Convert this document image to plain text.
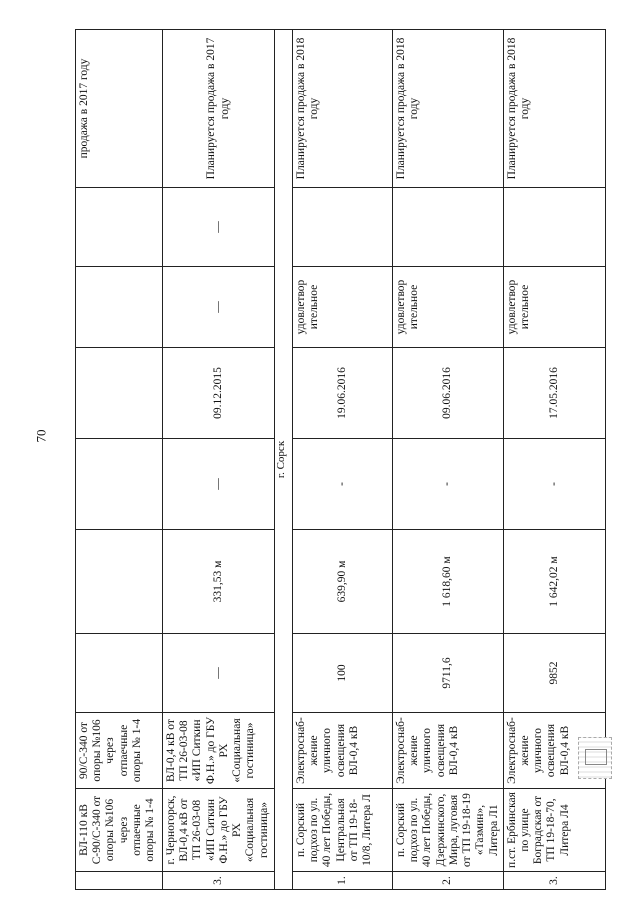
70
	ВЛ-110 кВ С-90/С-340 от опоры №106 через отпаечные опоры № 1-4	90/С-340 от опоры №106 через отпаечные опоры № 1-4							продажа в 2017 году
3.	г. Черногорск, ВЛ-0,4 кВ от ТП 26-03-08 «ИП Ситкин Ф.Н.» до ГБУ РХ «Социальная гостиница»	ВЛ-0,4 кВ от ТП 26-03-08 «ИП Ситкин Ф.Н.» до ГБУ РХ «Социальная гостиница»	—	331,53 м	—	09.12.2015	—	—	Планируется продажа в 2017 году
г. Сорск									
1.	п. Сорский подхоз по ул. 40 лет Победы, Центральная от ТП 19-18-10/8, Литера Л	Электроснаб-жение уличного освещения ВЛ-0,4 кВ	100	639,90 м	-	19.06.2016	удовлетвор ительное		Планируется продажа в 2018 году
2.	п. Сорский подхоз по ул. 40 лет Победы, Дзержинского, Мира, луговая от ТП 19-18-19 «Тазмин», Литера Л1	Электроснаб-жение уличного освещения ВЛ-0,4 кВ	9711,6	1 618,60 м	-	09.06.2016	удовлетвор ительное		Планируется продажа в 2018 году
3.	п.ст. Ербинская по улице Боградская от ТП 19-18-70, Литера Л4	Электроснаб-жение уличного освещения ВЛ-0,4 кВ	9852	1 642,02 м	-	17.05.2016	удовлетвор ительное		Планируется продажа в 2018 году
